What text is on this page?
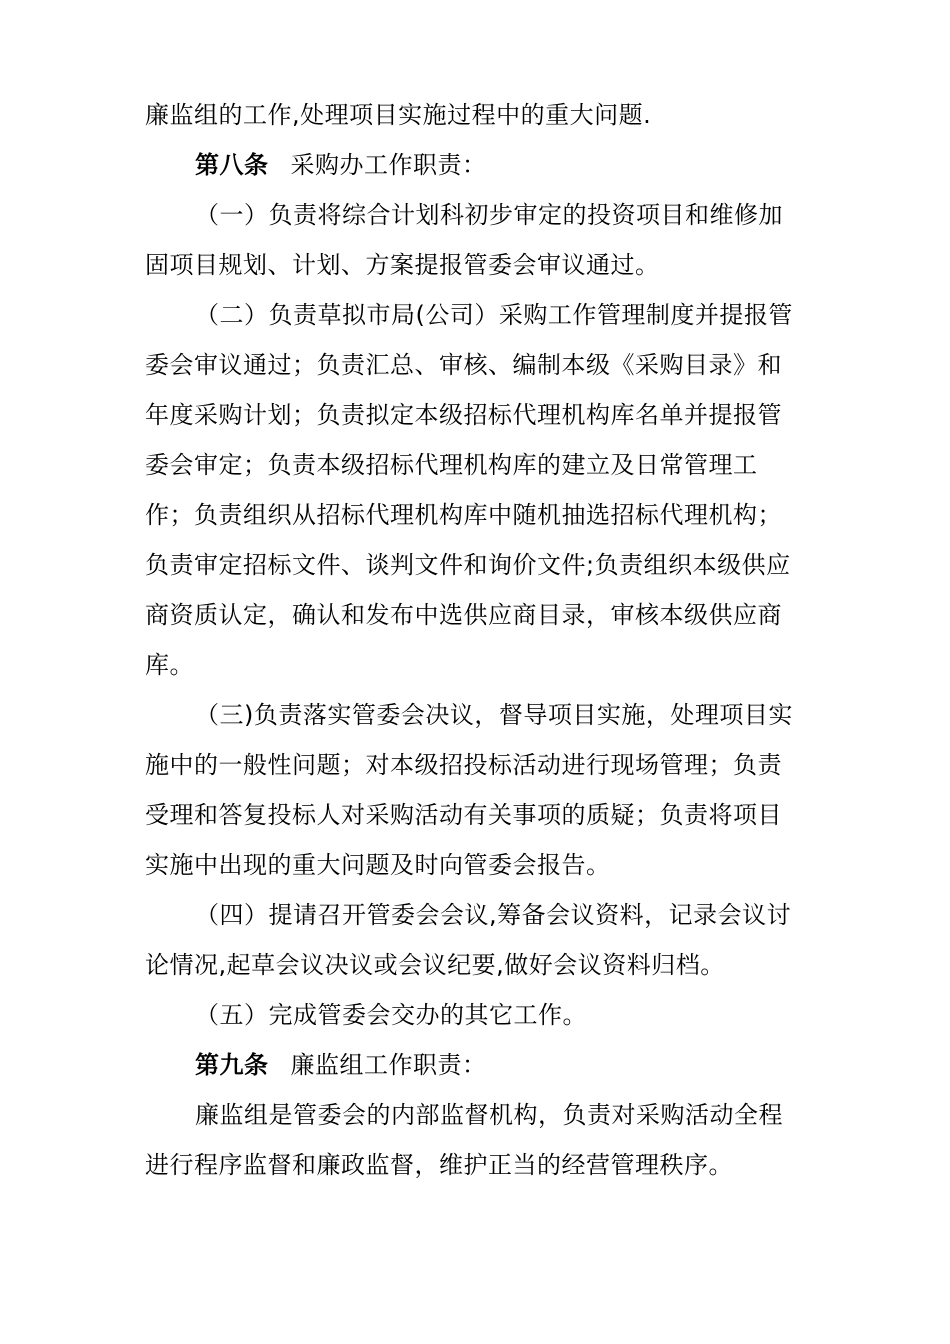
廉监组的工作,处理项目实施过程中的重大问题.
第八条 采购办工作职责：
（一）负责将综合计划科初步审定的投资项目和维修加
固项目规划、计划、方案提报管委会审议通过。
（二）负责草拟市局(公司）采购工作管理制度并提报管
委会审议通过；负责汇总、审核、编制本级《采购目录》和
年度采购计划；负责拟定本级招标代理机构库名单并提报管
委会审定；负责本级招标代理机构库的建立及日常管理工
作；负责组织从招标代理机构库中随机抽选招标代理机构；
负责审定招标文件、谈判文件和询价文件;负责组织本级供应
商资质认定，确认和发布中选供应商目录，审核本级供应商
库。
（三)负责落实管委会决议，督导项目实施，处理项目实
施中的一般性问题；对本级招投标活动进行现场管理；负责
受理和答复投标人对采购活动有关事项的质疑；负责将项目
实施中出现的重大问题及时向管委会报告。
（四）提请召开管委会会议,筹备会议资料，记录会议讨
论情况,起草会议决议或会议纪要,做好会议资料归档。
（五）完成管委会交办的其它工作。
第九条 廉监组工作职责：
廉监组是管委会的内部监督机构，负责对采购活动全程
进行程序监督和廉政监督，维护正当的经营管理秩序。
